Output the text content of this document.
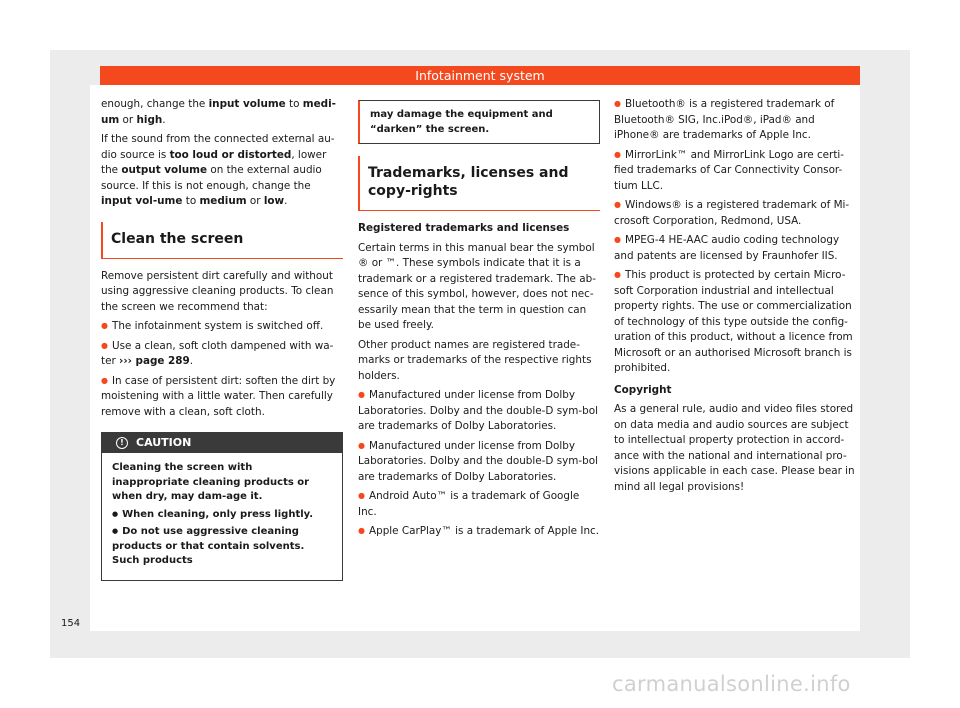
Infotainment system

enough, change the input volume to medi-um or high.

If the sound from the connected external au-dio source is too loud or distorted, lower the output volume on the external audio source. If this is not enough, change the input vol-ume to medium or low.

Clean the screen

Remove persistent dirt carefully and without using aggressive cleaning products. To clean the screen we recommend that:

● The infotainment system is switched off.
● Use a clean, soft cloth dampened with wa-ter ››› page 289.
● In case of persistent dirt: soften the dirt by moistening with a little water. Then carefully remove with a clean, soft cloth.
! CAUTION

Cleaning the screen with inappropriate cleaning products or when dry, may dam-age it.

● When cleaning, only press lightly.
● Do not use aggressive cleaning products or that contain solvents. Such products
may damage the equipment and “darken” the screen.
Trademarks, licenses and copy-rights
Registered trademarks and licenses

Certain terms in this manual bear the symbol ® or ™. These symbols indicate that it is a trademark or a registered trademark. The ab-sence of this symbol, however, does not nec-essarily mean that the term in question can be used freely.

Other product names are registered trade-marks or trademarks of the respective rights holders.

● Manufactured under license from Dolby Laboratories. Dolby and the double-D sym-bol are trademarks of Dolby Laboratories.
● Manufactured under license from Dolby Laboratories. Dolby and the double-D sym-bol are trademarks of Dolby Laboratories.
● Android Auto™ is a trademark of Google Inc.
● Apple CarPlay™ is a trademark of Apple Inc.
● Bluetooth® is a registered trademark of Bluetooth® SIG, Inc.iPod®, iPad® and iPhone® are trademarks of Apple Inc.
● MirrorLink™ and MirrorLink Logo are certi-fied trademarks of Car Connectivity Consor-tium LLC.
● Windows® is a registered trademark of Mi-crosoft Corporation, Redmond, USA.
● MPEG-4 HE-AAC audio coding technology and patents are licensed by Fraunhofer IIS.
● This product is protected by certain Micro-soft Corporation industrial and intellectual property rights. The use or commercialization of technology of this type outside the config-uration of this product, without a licence from Microsoft or an authorised Microsoft branch is prohibited.
Copyright

As a general rule, audio and video files stored on data media and audio sources are subject to intellectual property protection in accord-ance with the national and international pro-visions applicable in each case. Please bear in mind all legal provisions!

154
carmanualsonline.info
